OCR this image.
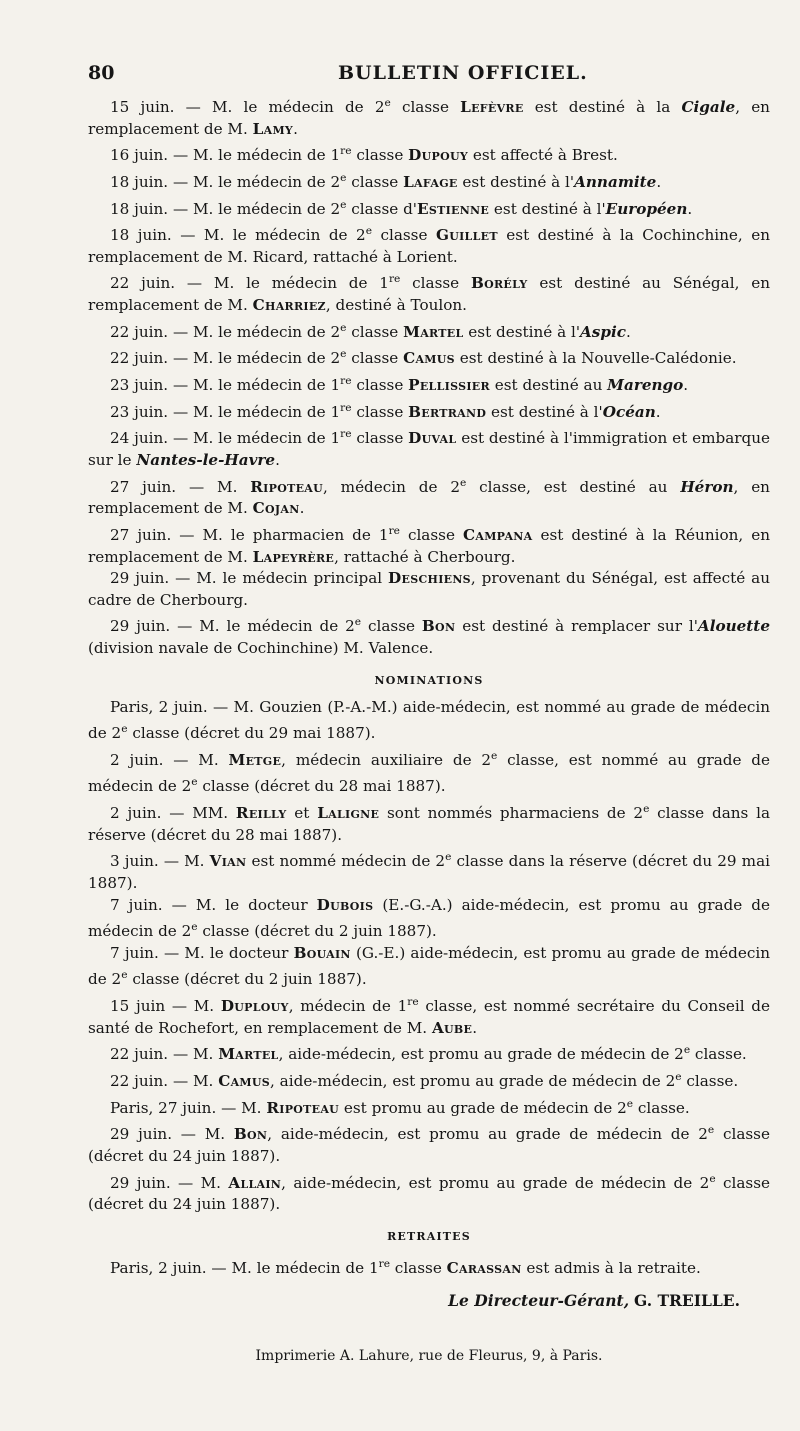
80	BULLETIN OFFICIEL.

15 juin. — M. le médecin de 2e classe Lefèvre est destiné à la Cigale, en remplacement de M. Lamy.

16 juin. — M. le médecin de 1re classe Dupouy est affecté à Brest.

18 juin. — M. le médecin de 2e classe Lafage est destiné à l'Annamite.

18 juin. — M. le médecin de 2e classe d'Estienne est destiné à l'Européen.

18 juin. — M. le médecin de 2e classe Guillet est destiné à la Cochinchine, en remplacement de M. Ricard, rattaché à Lorient.

22 juin. — M. le médecin de 1re classe Borély est destiné au Sénégal, en remplacement de M. Charriez, destiné à Toulon.

22 juin. — M. le médecin de 2e classe Martel est destiné à l'Aspic.

22 juin. — M. le médecin de 2e classe Camus est destiné à la Nouvelle-Calédonie.

23 juin. — M. le médecin de 1re classe Pellissier est destiné au Marengo.

23 juin. — M. le médecin de 1re classe Bertrand est destiné à l'Océan.

24 juin. — M. le médecin de 1re classe Duval est destiné à l'immigration et embarque sur le Nantes-le-Havre.

27 juin. — M. Ripoteau, médecin de 2e classe, est destiné au Héron, en remplacement de M. Cojan.

27 juin. — M. le pharmacien de 1re classe Campana est destiné à la Réunion, en remplacement de M. Lapeyrère, rattaché à Cherbourg.

29 juin. — M. le médecin principal Deschiens, provenant du Sénégal, est affecté au cadre de Cherbourg.

29 juin. — M. le médecin de 2e classe Bon est destiné à remplacer sur l'Alouette (division navale de Cochinchine) M. Valence.

NOMINATIONS

Paris, 2 juin. — M. Gouzien (P.-A.-M.) aide-médecin, est nommé au grade de médecin de 2e classe (décret du 29 mai 1887).

2 juin. — M. Metge, médecin auxiliaire de 2e classe, est nommé au grade de médecin de 2e classe (décret du 28 mai 1887).

2 juin. — MM. Reilly et Laligne sont nommés pharmaciens de 2e classe dans la réserve (décret du 28 mai 1887).

3 juin. — M. Vian est nommé médecin de 2e classe dans la réserve (décret du 29 mai 1887).

7 juin. — M. le docteur Dubois (E.-G.-A.) aide-médecin, est promu au grade de médecin de 2e classe (décret du 2 juin 1887).

7 juin. — M. le docteur Bouain (G.-E.) aide-médecin, est promu au grade de médecin de 2e classe (décret du 2 juin 1887).

15 juin — M. Duplouy, médecin de 1re classe, est nommé secrétaire du Conseil de santé de Rochefort, en remplacement de M. Aube.

22 juin. — M. Martel, aide-médecin, est promu au grade de médecin de 2e classe.

22 juin. — M. Camus, aide-médecin, est promu au grade de médecin de 2e classe.

Paris, 27 juin. — M. Ripoteau est promu au grade de médecin de 2e classe.

29 juin. — M. Bon, aide-médecin, est promu au grade de médecin de 2e classe (décret du 24 juin 1887).

29 juin. — M. Allain, aide-médecin, est promu au grade de médecin de 2e classe (décret du 24 juin 1887).

RETRAITES

Paris, 2 juin. — M. le médecin de 1re classe Carassan est admis à la retraite.

Le Directeur-Gérant, G. TREILLE.
Imprimerie A. Lahure, rue de Fleurus, 9, à Paris.
